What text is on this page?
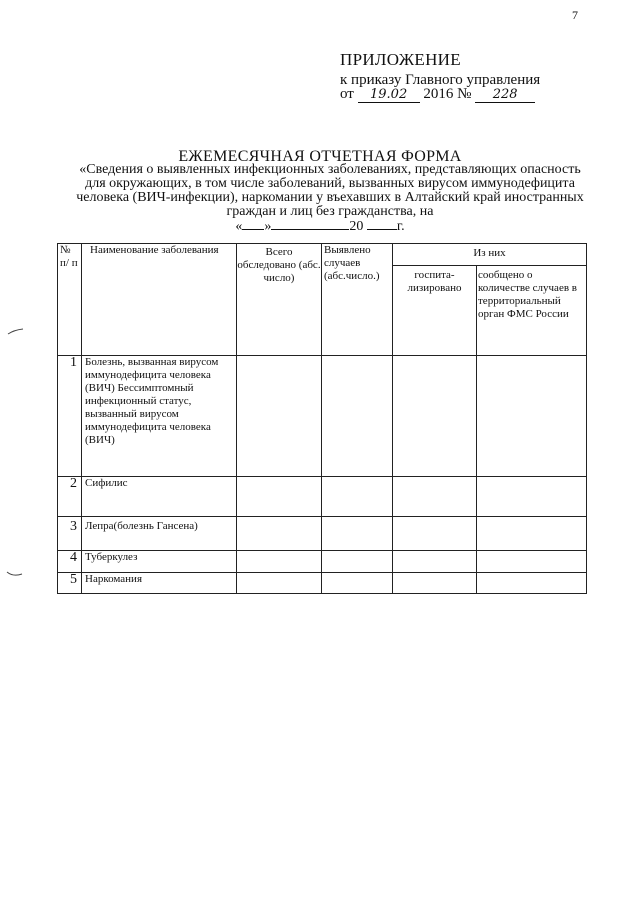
7
ПРИЛОЖЕНИЕ
к приказу Главного управления
от 19.02 2016 № 228
ЕЖЕМЕСЯЧНАЯ ОТЧЕТНАЯ ФОРМА
«Сведения о выявленных инфекционных заболеваниях, представляющих опасность для окружающих, в том числе заболеваний, вызванных вирусом иммунодефицита человека (ВИЧ-инфекции), наркомании у въехавших в Алтайский край иностранных граждан и лиц без гражданства, на
« »	20 г.
№ п/ п	Наименование заболевания	Всего обследовано (абс. число)	Выявлено случаев (абс.число.)	Из них	
				госпита-лизировано	сообщено о количестве случаев в территориальный орган ФМС России
1	Болезнь, вызванная вирусом иммунодефицита человека (ВИЧ) Бессимптомный инфекционный статус, вызванный вирусом иммунодефицита человека (ВИЧ)				
2	Сифилис				
3	Лепра(болезнь Гансена)				
4	Туберкулез				
5	Наркомания				
